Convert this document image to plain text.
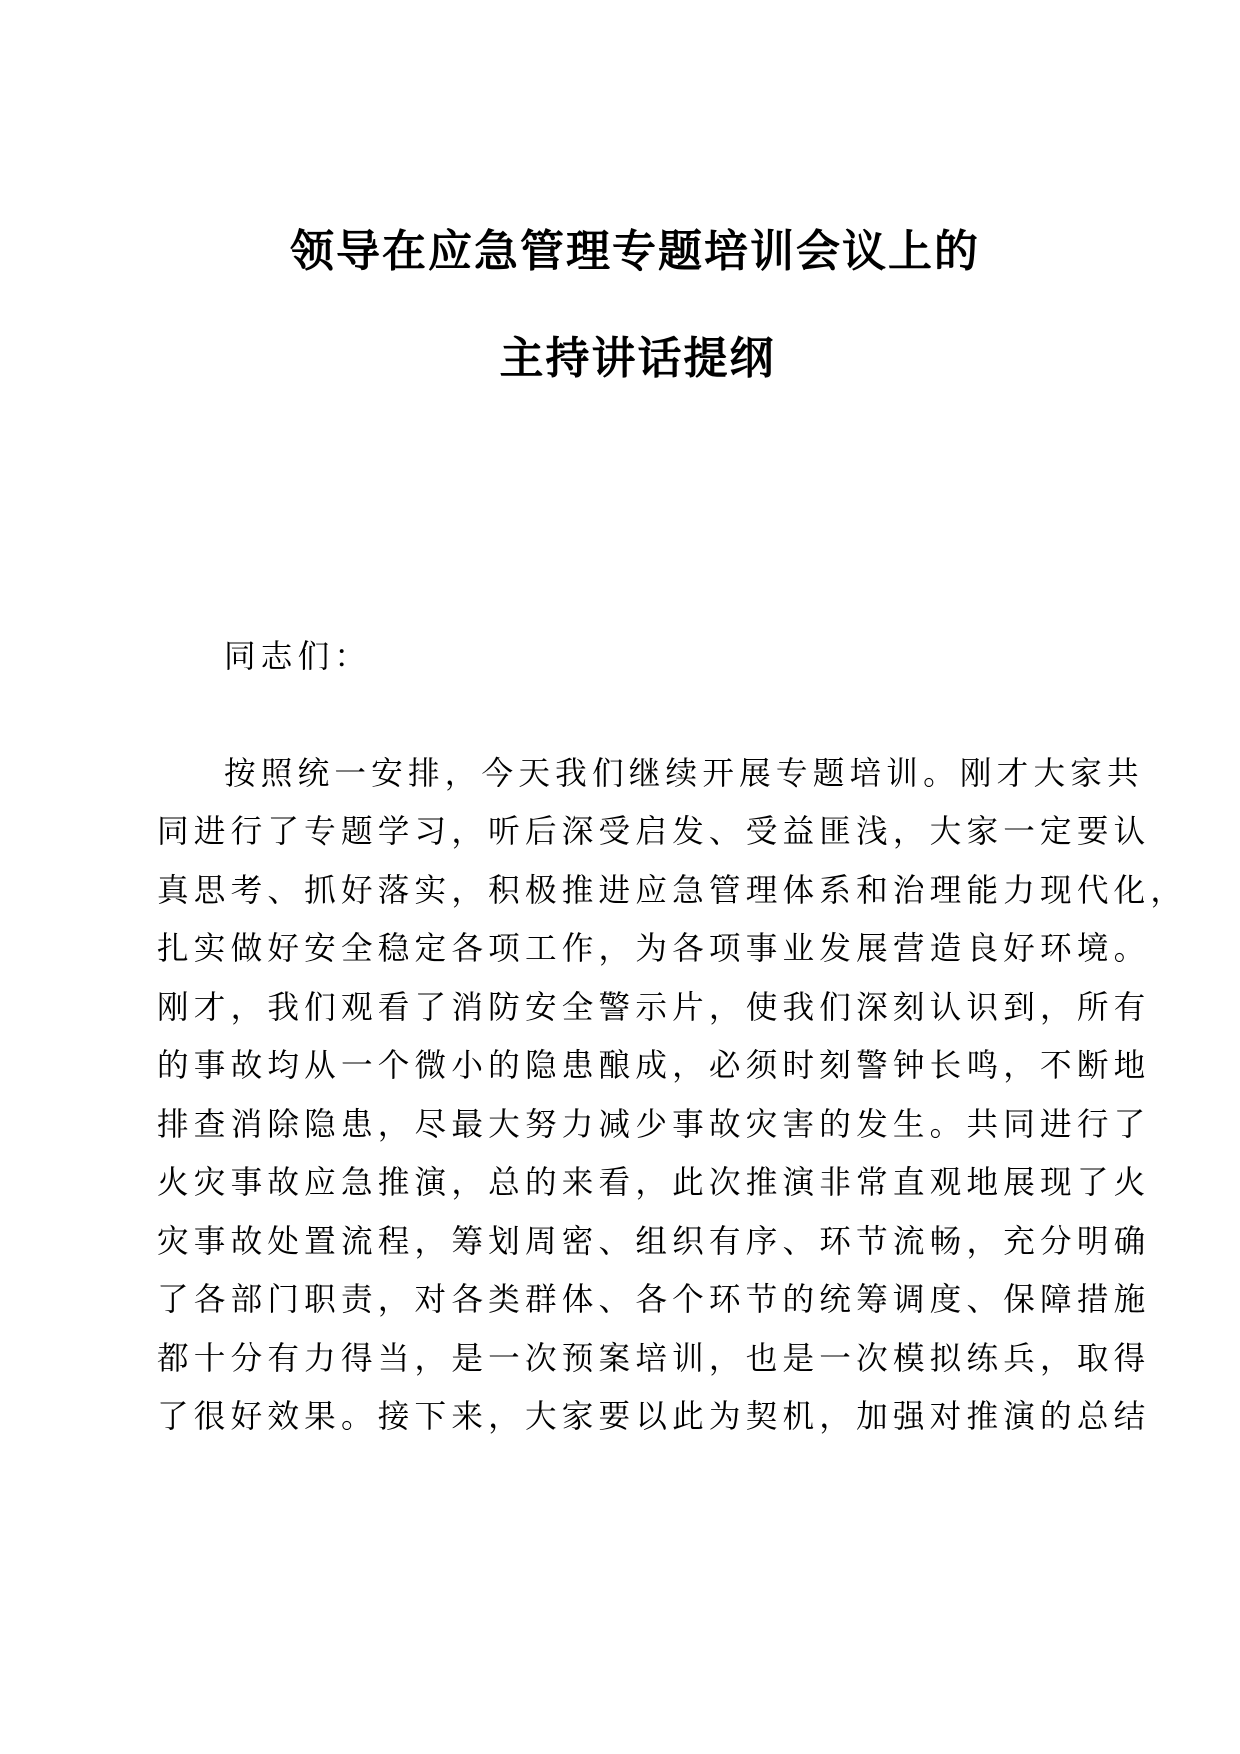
领导在应急管理专题培训会议上的
主持讲话提纲
同志们：
按照统一安排，今天我们继续开展专题培训。刚才大家共
同进行了专题学习，听后深受启发、受益匪浅，大家一定要认
真思考、抓好落实，积极推进应急管理体系和治理能力现代化，
扎实做好安全稳定各项工作，为各项事业发展营造良好环境。
刚才，我们观看了消防安全警示片，使我们深刻认识到，所有
的事故均从一个微小的隐患酿成，必须时刻警钟长鸣，不断地
排查消除隐患，尽最大努力减少事故灾害的发生。共同进行了
火灾事故应急推演，总的来看，此次推演非常直观地展现了火
灾事故处置流程，筹划周密、组织有序、环节流畅，充分明确
了各部门职责，对各类群体、各个环节的统筹调度、保障措施
都十分有力得当，是一次预案培训，也是一次模拟练兵，取得
了很好效果。接下来，大家要以此为契机，加强对推演的总结
